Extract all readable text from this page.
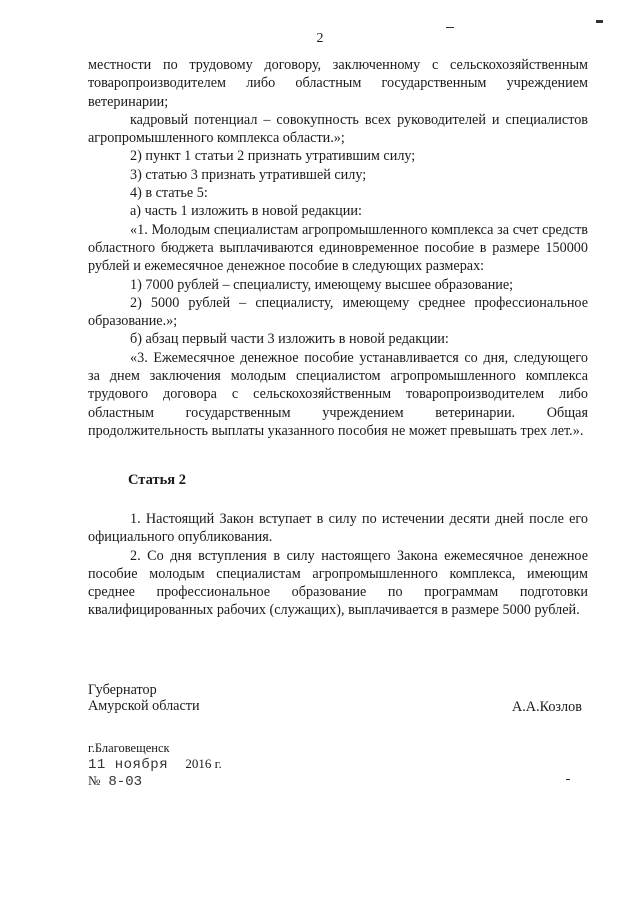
2

местности по трудовому договору, заключенному с сельскохозяйственным товаропроизводителем либо областным государственным учреждением ветеринарии;

кадровый потенциал – совокупность всех руководителей и специалистов агропромышленного комплекса области.»;

2) пункт 1 статьи 2 признать утратившим силу;

3) статью 3 признать утратившей силу;

4) в статье 5:

а) часть 1 изложить в новой редакции:

«1. Молодым специалистам агропромышленного комплекса за счет средств областного бюджета выплачиваются единовременное пособие в размере 150000 рублей и ежемесячное денежное пособие в следующих размерах:

1) 7000 рублей – специалисту, имеющему высшее образование;

2) 5000 рублей – специалисту, имеющему среднее профессиональное образование.»;

б) абзац первый части 3 изложить в новой редакции:

«3. Ежемесячное денежное пособие устанавливается со дня, следующего за днем заключения молодым специалистом агропромышленного комплекса трудового договора с сельскохозяйственным товаропроизводителем либо областным государственным учреждением ветеринарии. Общая продолжительность выплаты указанного пособия не может превышать трех лет.».

Статья 2

1. Настоящий Закон вступает в силу по истечении десяти дней после его официального опубликования.

2. Со дня вступления в силу настоящего Закона ежемесячное денежное пособие молодым специалистам агропромышленного комплекса, имеющим среднее профессиональное образование по программам подготовки квалифицированных рабочих (служащих), выплачивается в размере 5000 рублей.

Губернатор
Амурской области	А.А.Козлов
г.Благовещенск
11 ноября 2016 г.
№ 8-03
